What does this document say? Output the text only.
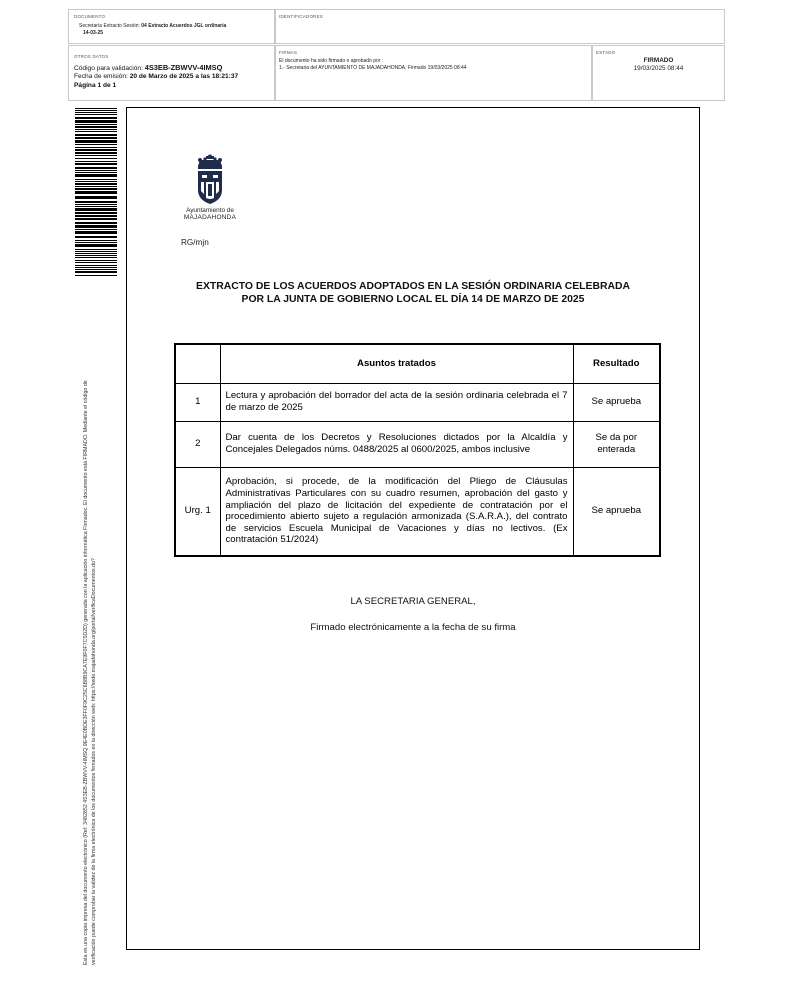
DOCUMENTO
Secretaría Extracto Sesión: 04 Extracto Acuerdos JGL ordinaria
14-03-25
IDENTIFICADORES
OTROS DATOS
Código para validación: 4S3EB-ZBWVV-4IMSQ
Fecha de emisión: 20 de Marzo de 2025 a las 18:21:37
Página 1 de 1
FIRMAS
El documento ha sido firmado o aprobado por :
1.- Secretaria del AYUNTAMIENTO DE MAJADAHONDA. Firmado 19/03/2025 08:44
ESTADO
FIRMADO
19/03/2025 08:44
Esta es una copia impresa del documento electrónico (Ref: 3482852 4S3EB-ZBWVV-4IMSQ 9E4E0BDE3FF0F9C25C6B8B9CA7E9F0F7C5D2D) generada con la aplicación informática Firmadoc. El documento está FIRMADO. Mediante el código de verificación puede comprobar la validez de la firma electrónica de los documentos firmados en la dirección web: https://sede.majadahonda.org/portal/verificaDocumentos.do?
Ayuntamiento de
MAJADAHONDA
RG/mjn
EXTRACTO DE LOS ACUERDOS ADOPTADOS EN LA SESIÓN ORDINARIA CELEBRADA
POR LA JUNTA DE GOBIERNO LOCAL EL DÍA 14 DE MARZO DE 2025
	Asuntos tratados	Resultado
1	Lectura y aprobación del borrador del acta de la sesión ordinaria celebrada el 7 de marzo de 2025	Se aprueba
2	Dar cuenta de los Decretos y Resoluciones dictados por la Alcaldía y Concejales Delegados núms. 0488/2025 al 0600/2025, ambos inclusive	Se da por enterada
Urg. 1	Aprobación, si procede, de la modificación del Pliego de Cláusulas Administrativas Particulares con su cuadro resumen, aprobación del gasto y ampliación del plazo de licitación del expediente de contratación por el procedimiento abierto sujeto a regulación armonizada (S.A.R.A.), del contrato de servicios Escuela Municipal de Vacaciones y días no lectivos. (Ex contratación 51/2024)	Se aprueba
LA SECRETARIA GENERAL,
Firmado electrónicamente a la fecha de su firma
